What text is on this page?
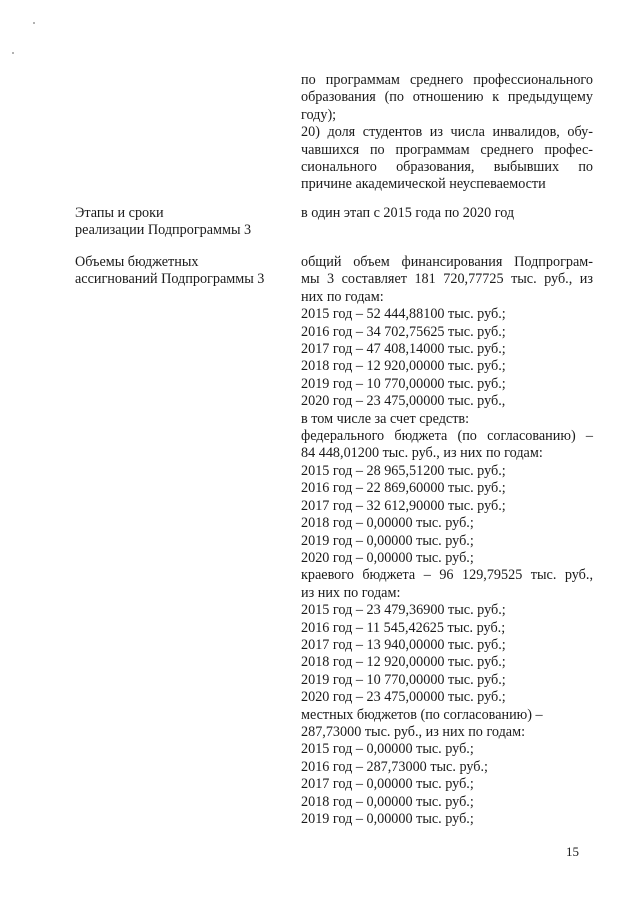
по программам среднего профессионального
образования (по отношению к предыдущему
году);
20) доля студентов из числа инвалидов, обу-
чавшихся по программам среднего профес-
сионального образования, выбывших по
причине академической неуспеваемости
Этапы и сроки
реализации Подпрограммы 3
в один этап с 2015 года по 2020 год
Объемы бюджетных
ассигнований Подпрограммы 3
общий объем финансирования Подпрограм-
мы 3 составляет 181 720,77725 тыс. руб., из
них по годам:
2015 год – 52 444,88100 тыс. руб.;
2016 год – 34 702,75625 тыс. руб.;
2017 год – 47 408,14000 тыс. руб.;
2018 год – 12 920,00000 тыс. руб.;
2019 год – 10 770,00000 тыс. руб.;
2020 год – 23 475,00000 тыс. руб.,
в том числе за счет средств:
федерального бюджета (по согласованию) –
84 448,01200 тыс. руб., из них по годам:
2015 год – 28 965,51200 тыс. руб.;
2016 год – 22 869,60000 тыс. руб.;
2017 год – 32 612,90000 тыс. руб.;
2018 год – 0,00000 тыс. руб.;
2019 год – 0,00000 тыс. руб.;
2020 год – 0,00000 тыс. руб.;
краевого бюджета – 96 129,79525 тыс. руб.,
из них по годам:
2015 год – 23 479,36900 тыс. руб.;
2016 год – 11 545,42625 тыс. руб.;
2017 год – 13 940,00000 тыс. руб.;
2018 год – 12 920,00000 тыс. руб.;
2019 год – 10 770,00000 тыс. руб.;
2020 год – 23 475,00000 тыс. руб.;
местных бюджетов (по согласованию) –
287,73000 тыс. руб., из них по годам:
2015 год – 0,00000 тыс. руб.;
2016 год – 287,73000 тыс. руб.;
2017 год – 0,00000 тыс. руб.;
2018 год – 0,00000 тыс. руб.;
2019 год – 0,00000 тыс. руб.;
15
